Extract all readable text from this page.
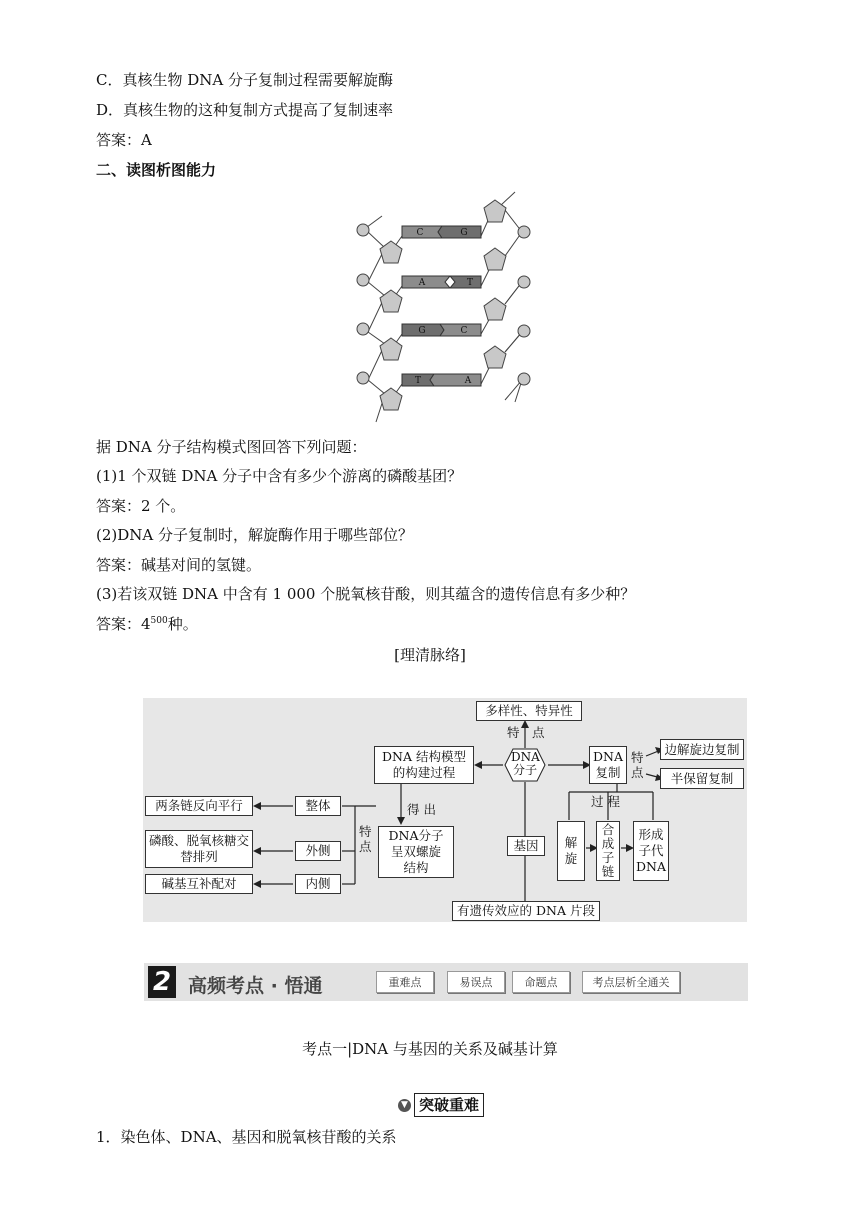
C．真核生物 DNA 分子复制过程需要解旋酶
D．真核生物的这种复制方式提高了复制速率
答案：A
二、读图析图能力
C	G
A	T
G	C
T	A
据 DNA 分子结构模式图回答下列问题：
(1)1 个双链 DNA 分子中含有多少个游离的磷酸基团？
答案：2 个。
(2)DNA 分子复制时，解旋酶作用于哪些部位？
答案：碱基对间的氢键。
(3)若该双链 DNA 中含有 1 000 个脱氧核苷酸，则其蕴含的遗传信息有多少种？
答案：$4^{500}$种。
[理清脉络]
多样性、特异性
特　点
DNA 结构模型
的构建过程
DNA
分子
DNA
复制
特
点
边解旋边复制
半保留复制
得 出
特
点
DNA分子
呈双螺旋
结构
整体
外侧
内侧
两条链反向平行
磷酸、脱氧核糖交
替排列
碱基互补配对
过 程
解
旋
合
成
子
链
形成
子代
DNA
基因
有遗传效应的 DNA 片段
2 高频考点 · 悟通	重难点	易误点	命题点	考点层析全通关
考点一|DNA 与基因的关系及碱基计算
▼ 突破重难
1．染色体、DNA、基因和脱氧核苷酸的关系
